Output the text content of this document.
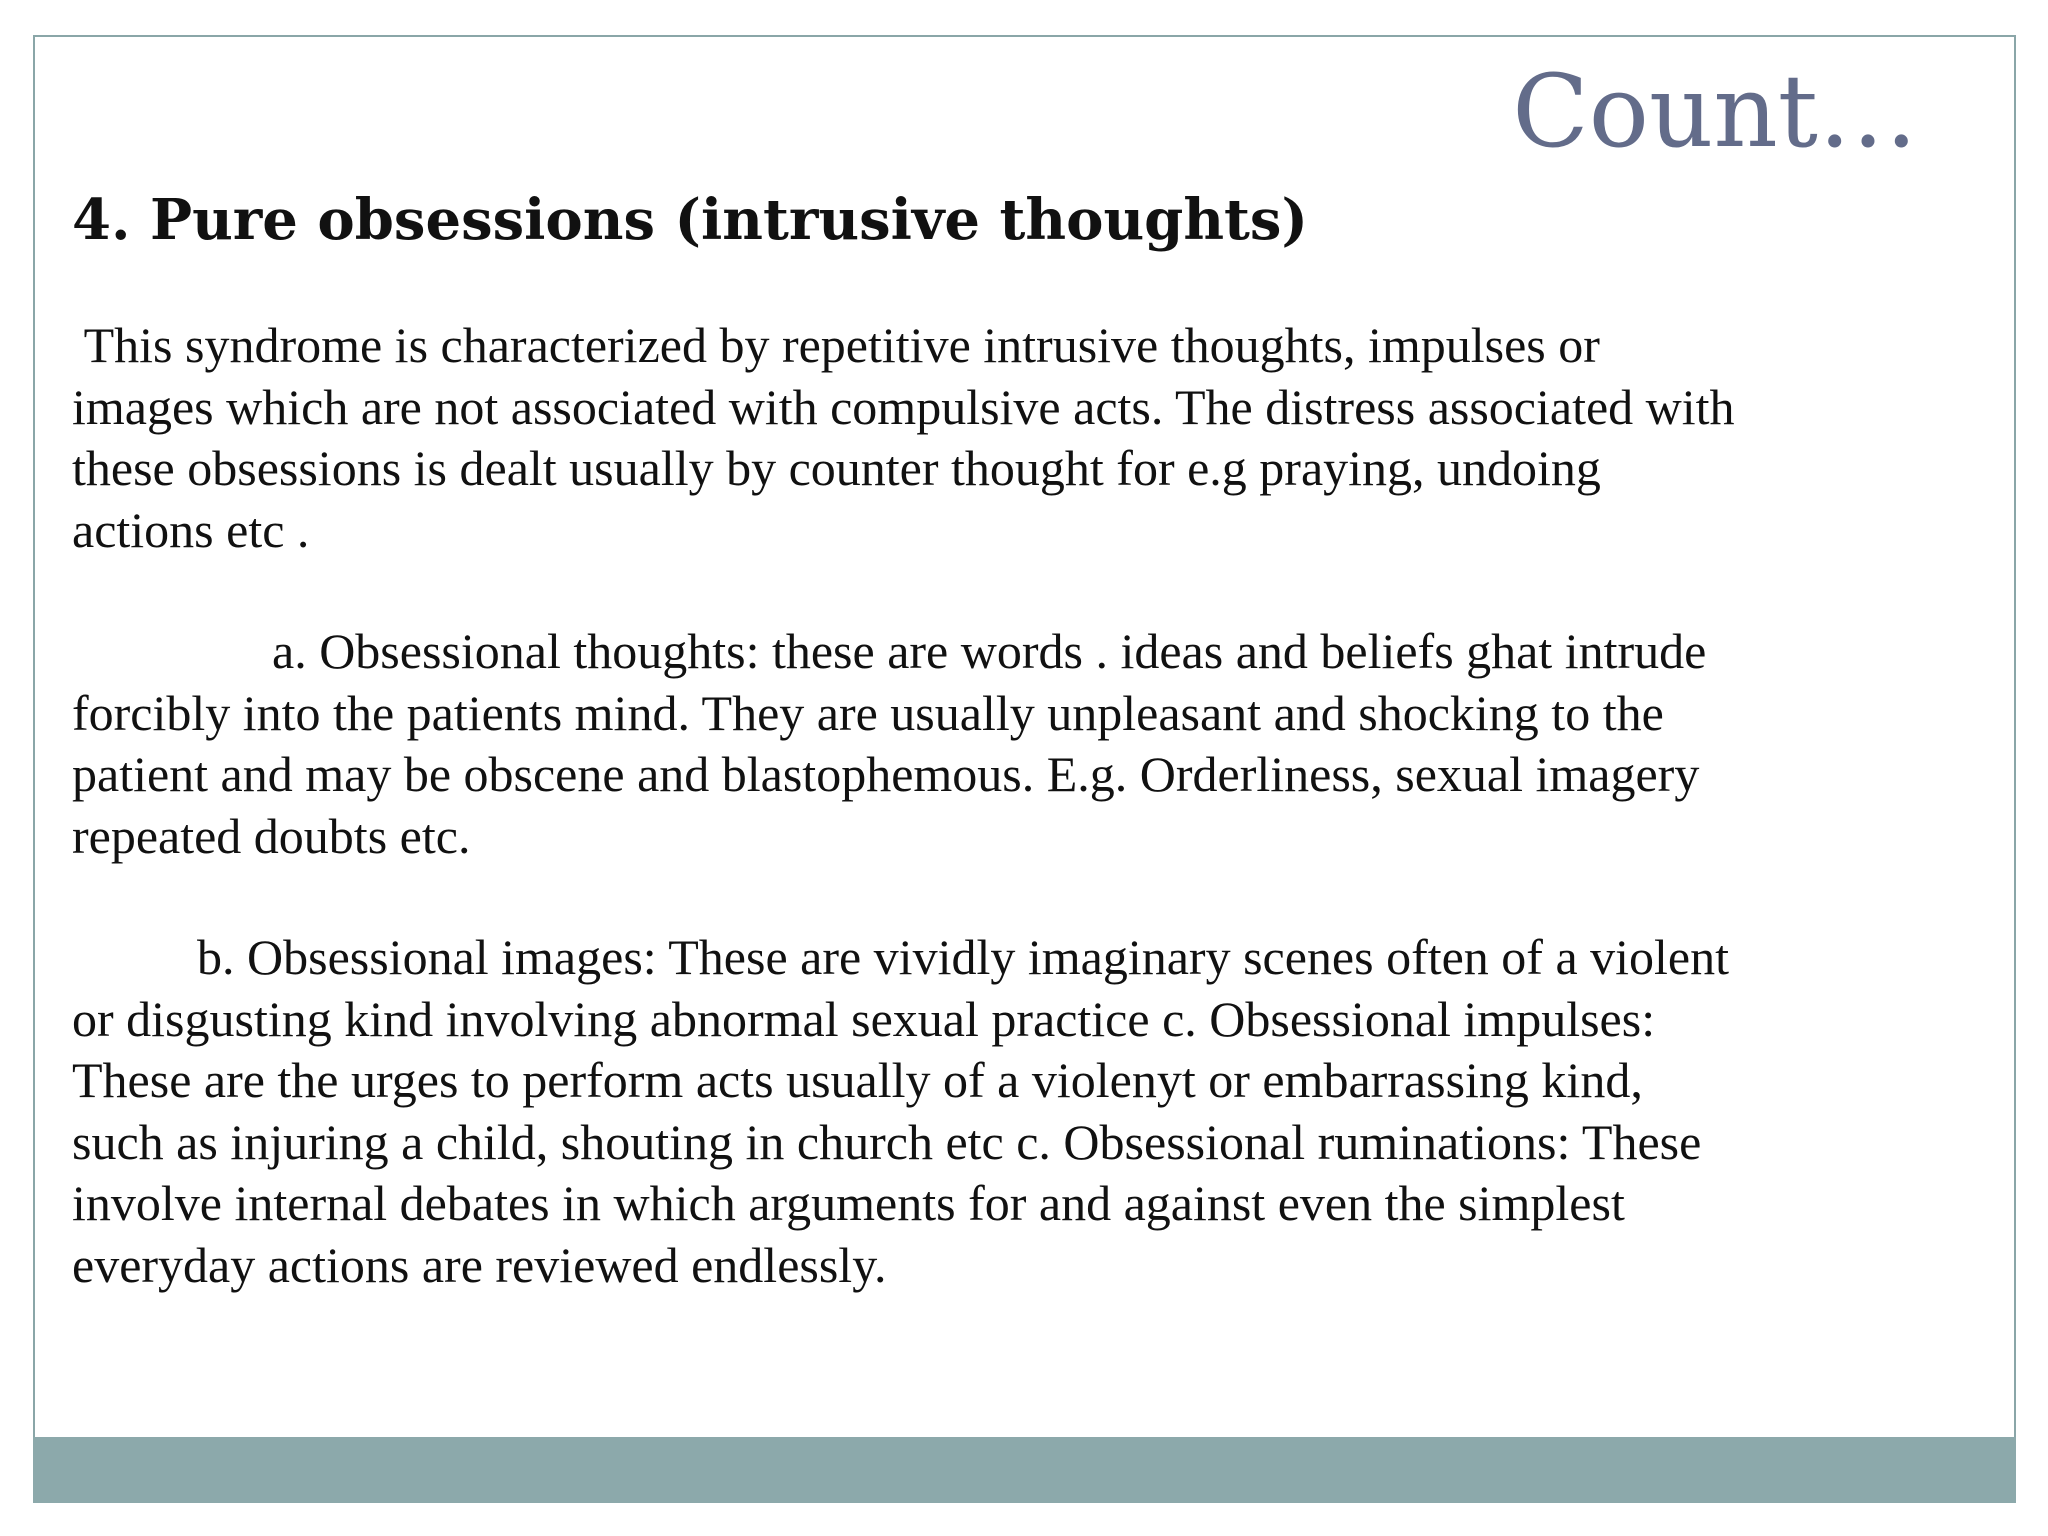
Count…
4. Pure obsessions (intrusive thoughts)

This syndrome is characterized by repetitive intrusive thoughts, impulses or
images which are not associated with compulsive acts. The distress associated with
these obsessions is dealt usually by counter thought for e.g praying, undoing
actions etc .

a. Obsessional thoughts: these are words . ideas and beliefs ghat intrude
forcibly into the patients mind. They are usually unpleasant and shocking to the
patient and may be obscene and blastophemous. E.g. Orderliness, sexual imagery
repeated doubts etc.

b. Obsessional images: These are vividly imaginary scenes often of a violent
or disgusting kind involving abnormal sexual practice c. Obsessional impulses:
These are the urges to perform acts usually of a violenyt or embarrassing kind,
such as injuring a child, shouting in church etc c. Obsessional ruminations: These
involve internal debates in which arguments for and against even the simplest
everyday actions are reviewed endlessly.
